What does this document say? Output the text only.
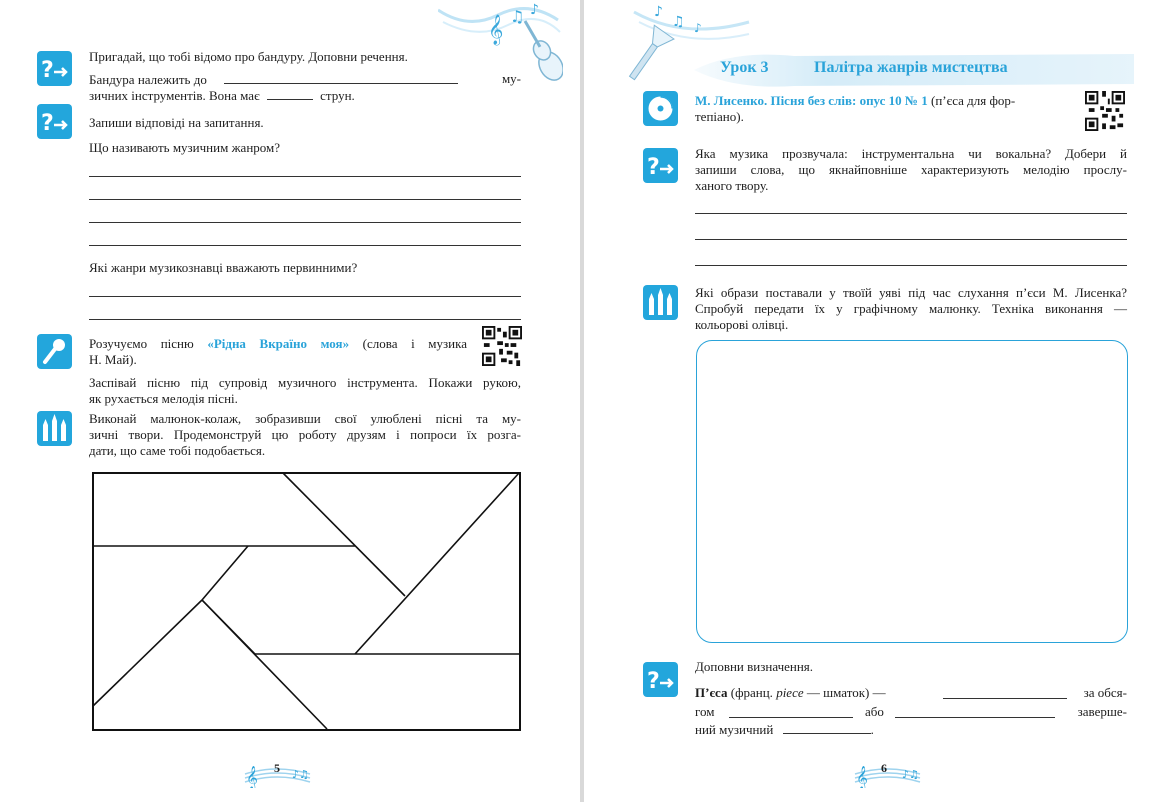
𝄞 ♫ ♪
?
Пригадай, що тобі відомо про бандуру. Доповни речення.
Бандура належить до	му-
зичних інструментів. Вона має	струн.
?	Запиши відповіді на запитання.
Що називають музичним жанром?
Які жанри музикознавці вважають первинними?
Розучуємо пісню «Рідна Вкраїно моя» (слова і музика
Н. Май).
Заспівай пісню під супровід музичного інструмента. Покажи рукою,
як рухається мелодія пісні.
Виконай малюнок-колаж, зобразивши свої улюблені пісні та му-
зичні твори. Продемонструй цю роботу друзям і попроси їх розга-
дати, що саме тобі подобається.
𝄞	♪♫
5
♪
♫ ♪
Урок 3	Палітра жанрів мистецтва
М. Лисенко. Пісня без слів: опус 10 № 1 (п’єса для фор-
тепіано).
?
Яка музика прозвучала: інструментальна чи вокальна? Добери й
запиши слова, що якнайповніше характеризують мелодію прослу-
ханого твору.
Які образи поставали у твоїй уяві під час слухання п’єси М. Лисенка?
Спробуй передати їх у графічному малюнку. Техніка виконання —
кольорові олівці.
?
Доповни визначення.
П’єса (франц. piece — шматок) —	за обся-
гом	або	заверше-
ний музичний	.
𝄞	♪♫
6
